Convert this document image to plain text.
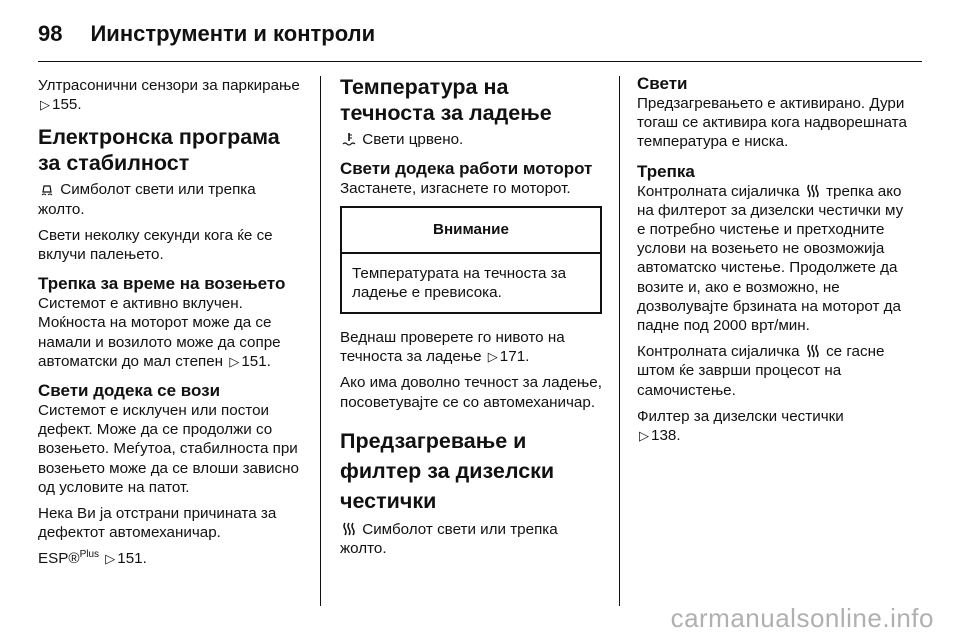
98 Иинструменти и контроли

Ултрасонични сензори за паркирање ▷ 155.

Електронска програма за стабилност

Симболот свети или трепка жолто.

Свети неколку секунди кога ќе се вклучи палењето.

Трепка за време на возењето

Системот е активно вклучен. Моќноста на моторот може да се намали и возилото може да сопре автоматски до мал степен ▷ 151.

Свети додека се вози

Системот е исклучен или постои дефект. Може да се продолжи со возењето. Меѓутоа, стабилноста при возењето може да се влоши зависно од условите на патот.

Нека Ви ја отстрани причината за дефектот автомеханичар.

ESP®$^{Plus}$ ▷ 151.

Температура на течноста за ладење

Свети црвено.

Свети додека работи моторот

Застанете, изгаснете го моторот.

Внимание
Температурата на течноста за ладење е превисока.

Веднаш проверете го нивото на течноста за ладење ▷ 171.

Ако има доволно течност за ладење, посоветувајте се со автомеханичар.

Предзагревање и филтер за дизелски честички

Симболот свети или трепка жолто.

Свети

Предзагревањето е активирано. Дури тогаш се активира кога надворешната температура е ниска.

Трепка

Контролната сијаличка трепка ако на филтерот за дизелски честички му е потребно чистење и претходните услови на возењето не овозможија автоматско чистење. Продолжете да возите и, ако е возможно, не дозволувајте брзината на моторот да падне под 2000 врт/мин.

Контролната сијаличка се гасне штом ќе заврши процесот на самочистење.

Филтер за дизелски честички
▷ 138.

carmanualsonline.info
